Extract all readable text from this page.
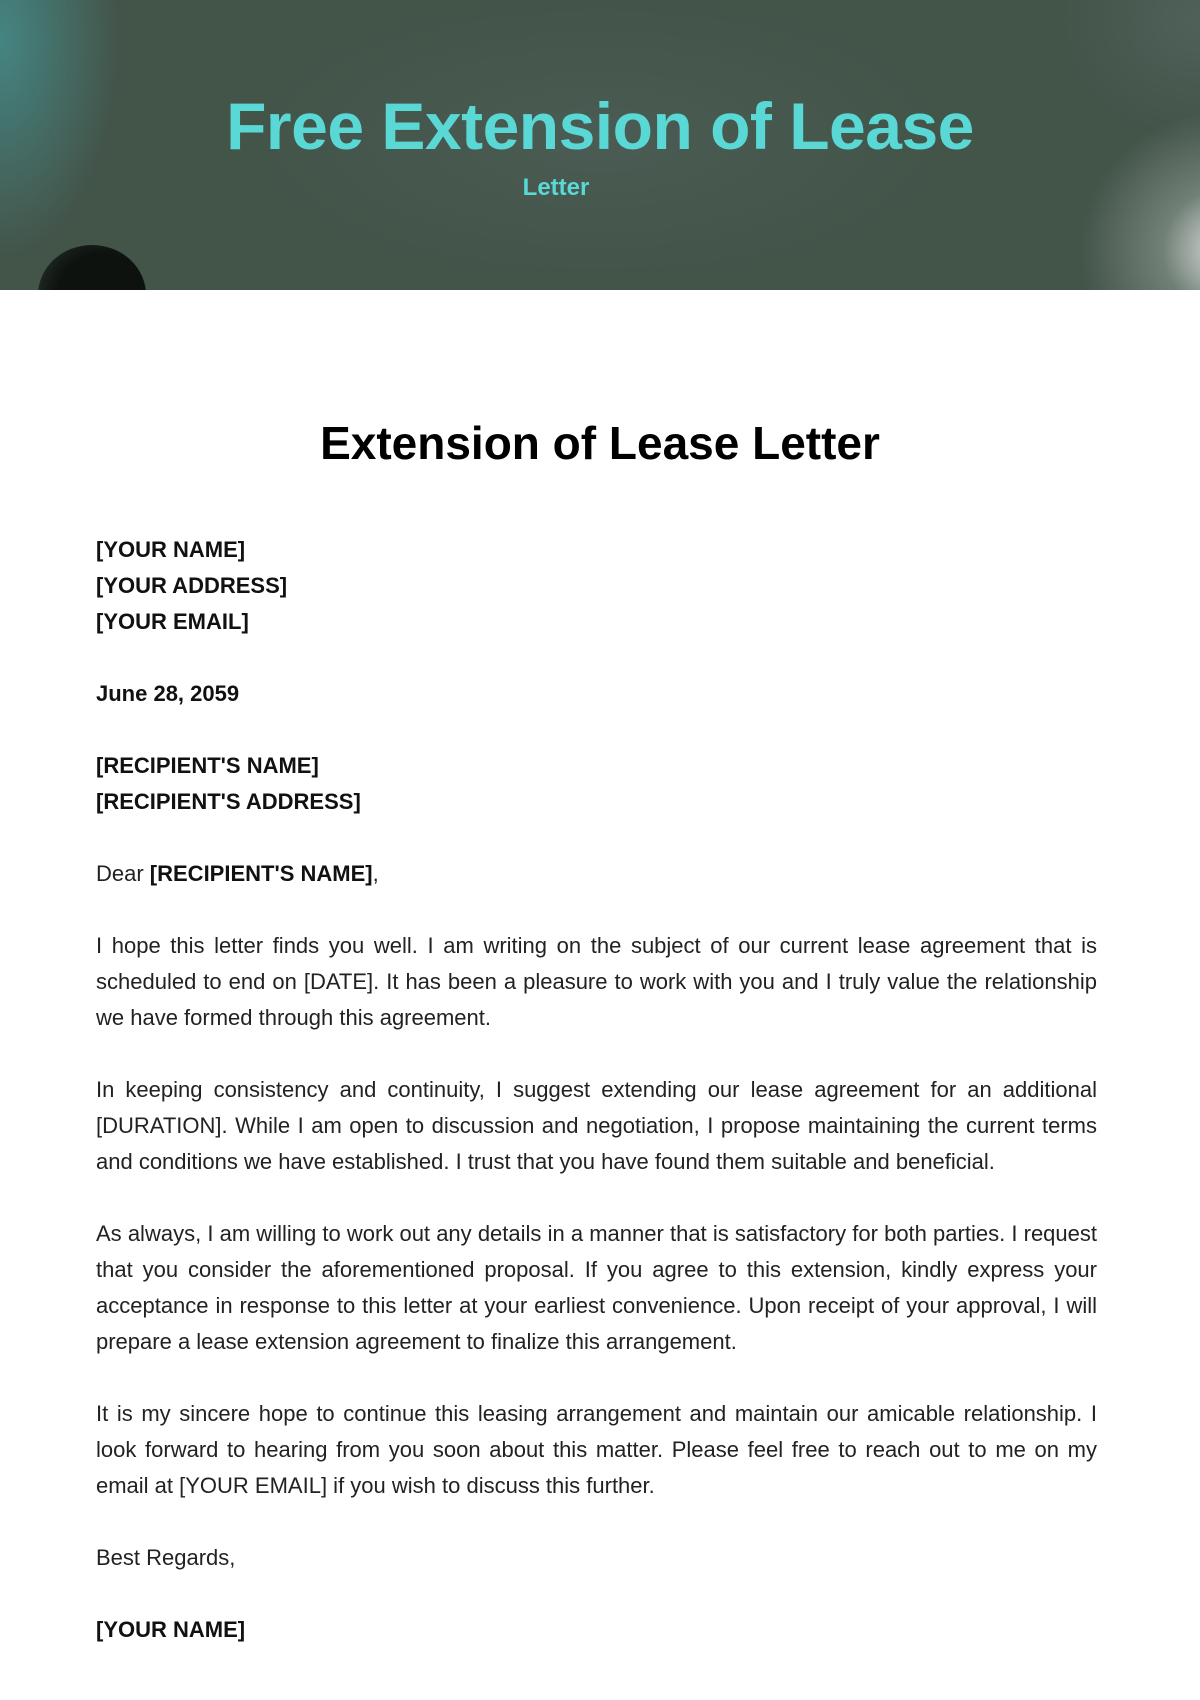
Free Extension of Lease
Letter
Extension of Lease Letter
[YOUR NAME]
[YOUR ADDRESS]
[YOUR EMAIL]
June 28, 2059
[RECIPIENT'S NAME]
[RECIPIENT'S ADDRESS]
Dear [RECIPIENT'S NAME],

I hope this letter finds you well. I am writing on the subject of our current lease agreement that is scheduled to end on [DATE]. It has been a pleasure to work with you and I truly value the relationship we have formed through this agreement.

In keeping consistency and continuity, I suggest extending our lease agreement for an additional [DURATION]. While I am open to discussion and negotiation, I propose maintaining the current terms and conditions we have established. I trust that you have found them suitable and beneficial.

As always, I am willing to work out any details in a manner that is satisfactory for both parties. I request that you consider the aforementioned proposal. If you agree to this extension, kindly express your acceptance in response to this letter at your earliest convenience. Upon receipt of your approval, I will prepare a lease extension agreement to finalize this arrangement.

It is my sincere hope to continue this leasing arrangement and maintain our amicable relationship. I look forward to hearing from you soon about this matter. Please feel free to reach out to me on my email at [YOUR EMAIL] if you wish to discuss this further.

Best Regards,
[YOUR NAME]
